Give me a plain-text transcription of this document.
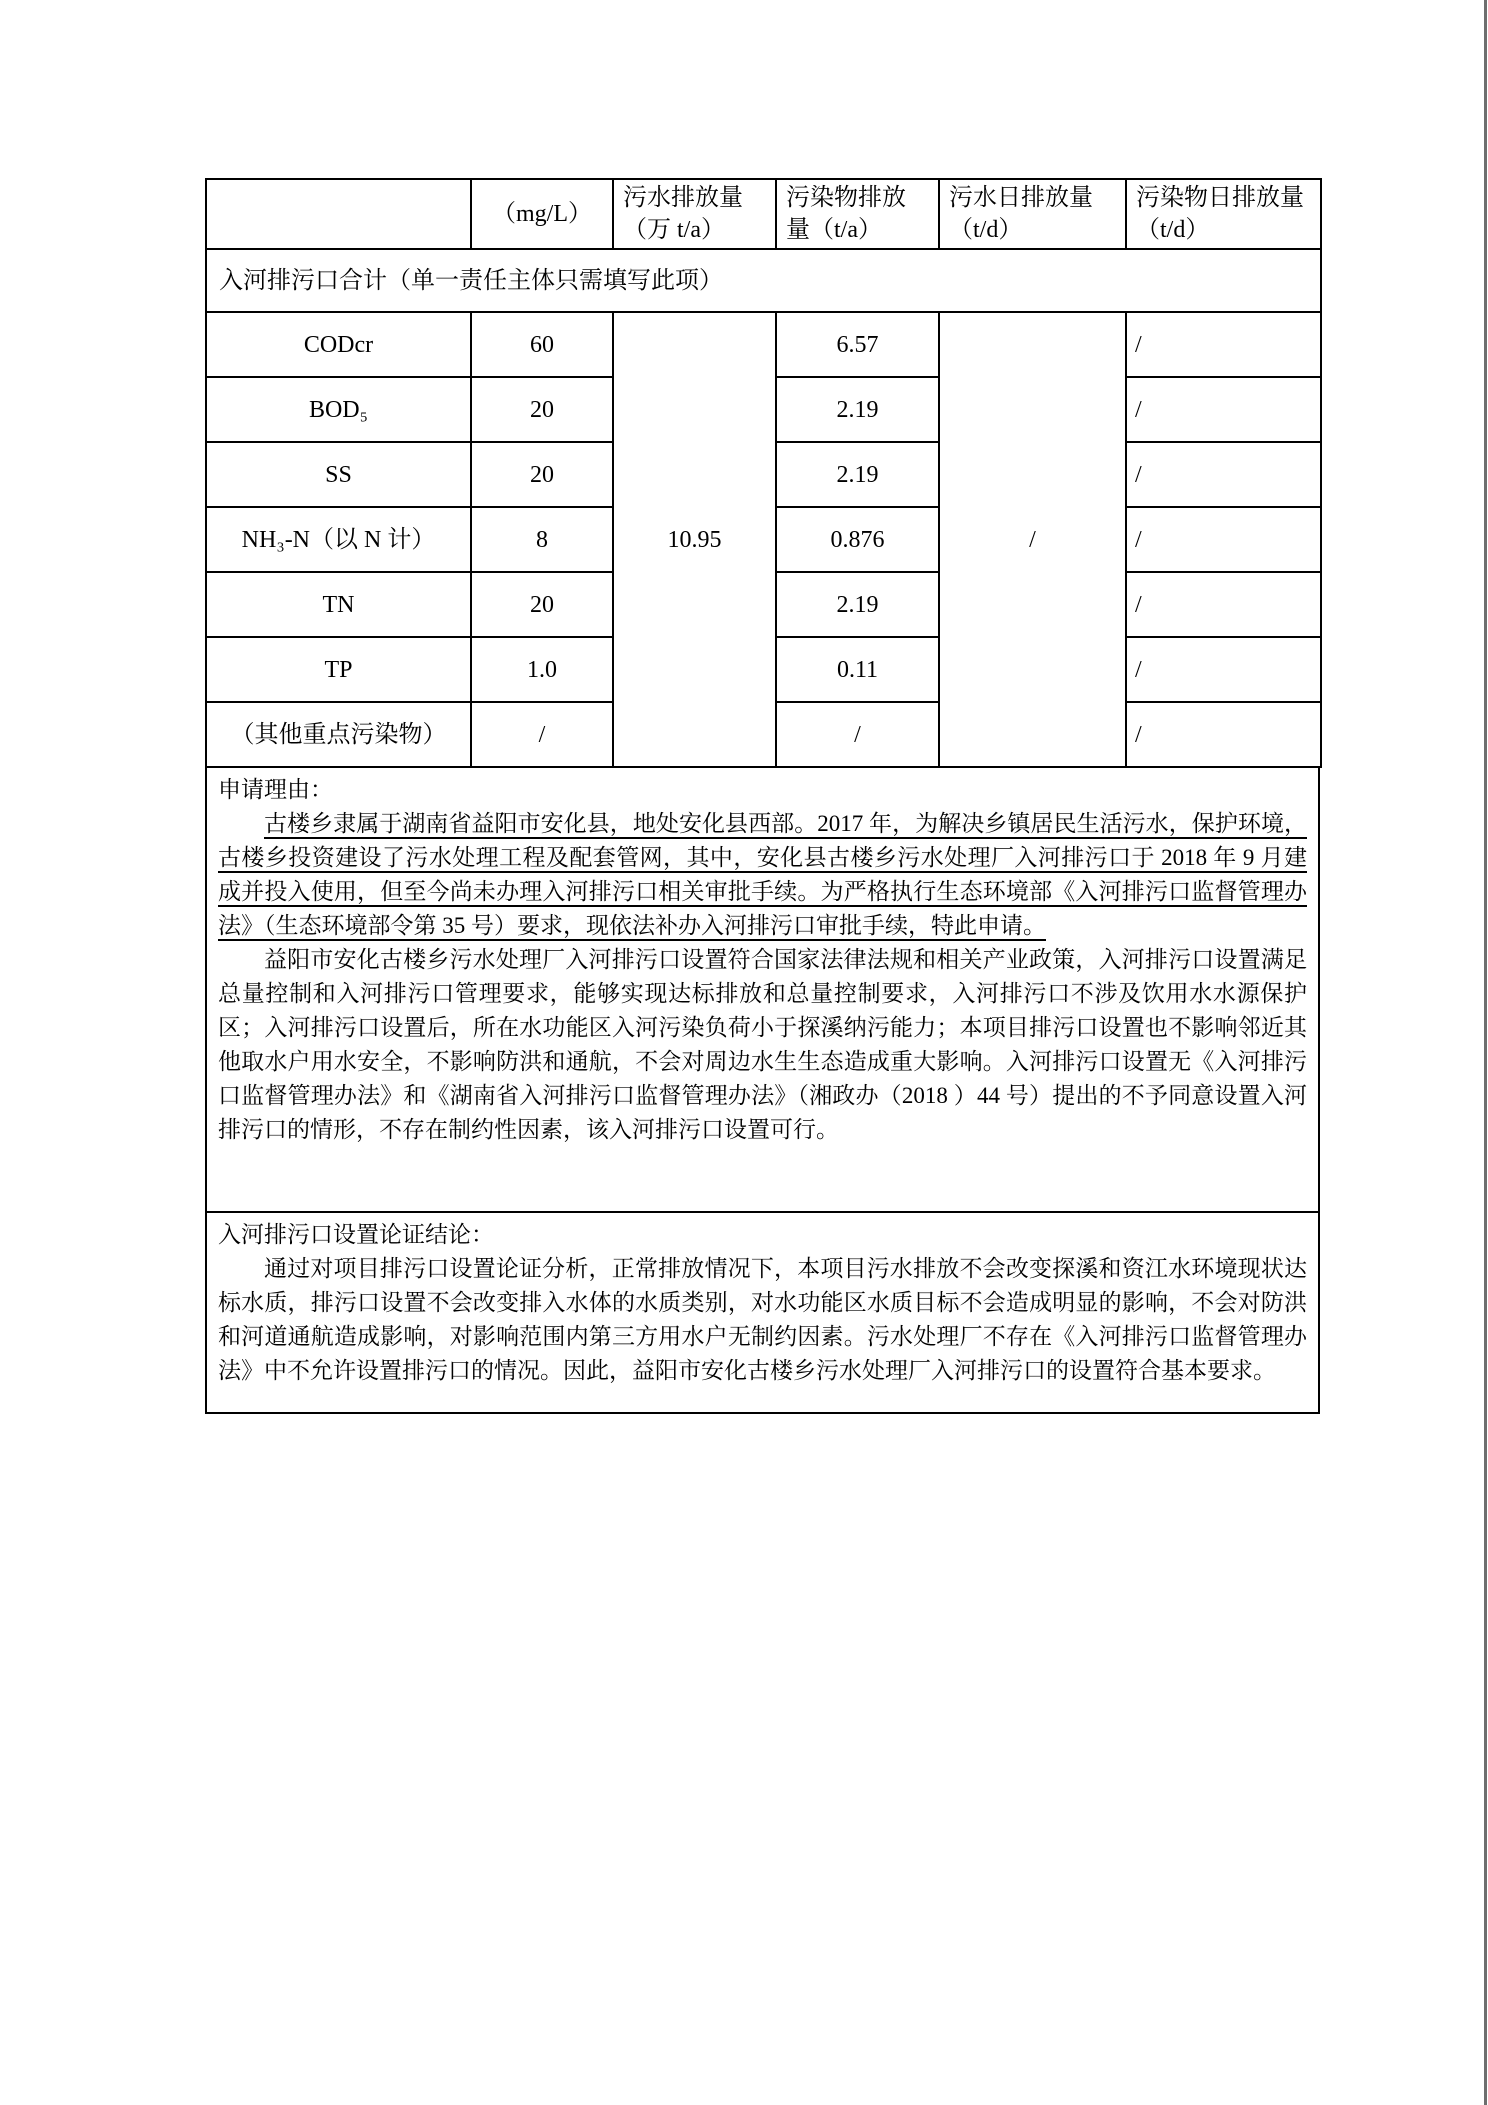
	（mg/L）	污水排放量（万 t/a）	污染物排放量（t/a）	污水日排放量（t/d）	污染物日排放量（t/d）
入河排污口合计（单一责任主体只需填写此项）					
CODcr	60	10.95	6.57	/	/
BOD₅	20		2.19		/
SS	20		2.19		/
NH₃-N（以 N 计）	8		0.876		/
TN	20		2.19		/
TP	1.0		0.11		/
（其他重点污染物）	/		/		/
申请理由：

古楼乡隶属于湖南省益阳市安化县，地处安化县西部。2017 年，为解决乡镇居民生活污水，保护环境，古楼乡投资建设了污水处理工程及配套管网，其中，安化县古楼乡污水处理厂入河排污口于 2018 年 9 月建成并投入使用，但至今尚未办理入河排污口相关审批手续。为严格执行生态环境部《入河排污口监督管理办法》（生态环境部令第 35 号）要求，现依法补办入河排污口审批手续，特此申请。

益阳市安化古楼乡污水处理厂入河排污口设置符合国家法律法规和相关产业政策，入河排污口设置满足总量控制和入河排污口管理要求，能够实现达标排放和总量控制要求，入河排污口不涉及饮用水水源保护区；入河排污口设置后，所在水功能区入河污染负荷小于探溪纳污能力；本项目排污口设置也不影响邻近其他取水户用水安全，不影响防洪和通航，不会对周边水生生态造成重大影响。入河排污口设置无《入河排污口监督管理办法》和《湖南省入河排污口监督管理办法》（湘政办（2018 ）44 号）提出的不予同意设置入河排污口的情形，不存在制约性因素，该入河排污口设置可行。

入河排污口设置论证结论：

通过对项目排污口设置论证分析，正常排放情况下，本项目污水排放不会改变探溪和资江水环境现状达标水质，排污口设置不会改变排入水体的水质类别，对水功能区水质目标不会造成明显的影响，不会对防洪和河道通航造成影响，对影响范围内第三方用水户无制约因素。污水处理厂不存在《入河排污口监督管理办法》中不允许设置排污口的情况。因此，益阳市安化古楼乡污水处理厂入河排污口的设置符合基本要求。
